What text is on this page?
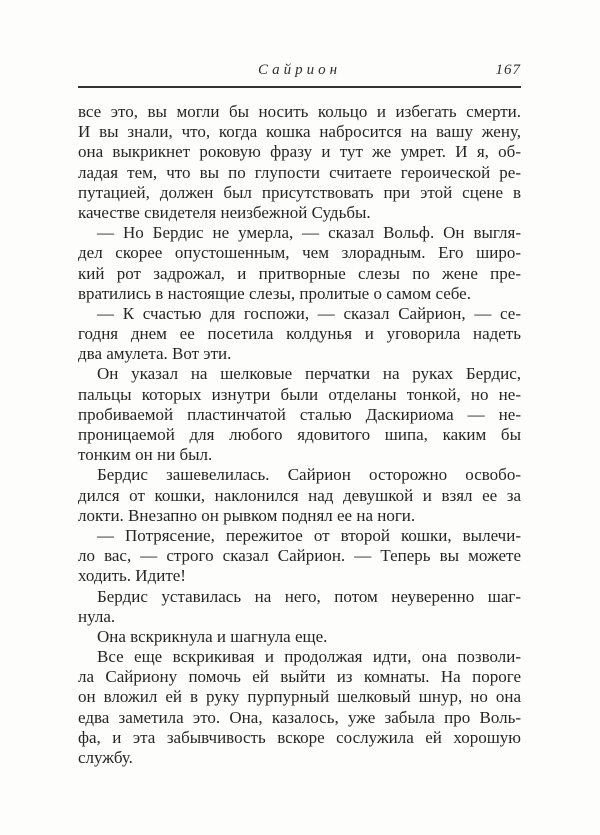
Сайрион	167
все это, вы могли бы носить кольцо и избегать смерти.
И вы знали, что, когда кошка набросится на вашу жену,
она выкрикнет роковую фразу и тут же умрет. И я, об-
ладая тем, что вы по глупости считаете героической ре-
путацией, должен был присутствовать при этой сцене в
качестве свидетеля неизбежной Судьбы.
— Но Бердис не умерла, — сказал Вольф. Он выгля-
дел скорее опустошенным, чем злорадным. Его широ-
кий рот задрожал, и притворные слезы по жене пре-
вратились в настоящие слезы, пролитые о самом себе.
— К счастью для госпожи, — сказал Сайрион, — се-
годня днем ее посетила колдунья и уговорила надеть
два амулета. Вот эти.
Он указал на шелковые перчатки на руках Бердис,
пальцы которых изнутри были отделаны тонкой, но не-
пробиваемой пластинчатой сталью Даскириома — не-
проницаемой для любого ядовитого шипа, каким бы
тонким он ни был.
Бердис зашевелилась. Сайрион осторожно освобо-
дился от кошки, наклонился над девушкой и взял ее за
локти. Внезапно он рывком поднял ее на ноги.
— Потрясение, пережитое от второй кошки, вылечи-
ло вас, — строго сказал Сайрион. — Теперь вы можете
ходить. Идите!
Бердис уставилась на него, потом неуверенно шаг-
нула.
Она вскрикнула и шагнула еще.
Все еще вскрикивая и продолжая идти, она позволи-
ла Сайриону помочь ей выйти из комнаты. На пороге
он вложил ей в руку пурпурный шелковый шнур, но она
едва заметила это. Она, казалось, уже забыла про Воль-
фа, и эта забывчивость вскоре сослужила ей хорошую
службу.
